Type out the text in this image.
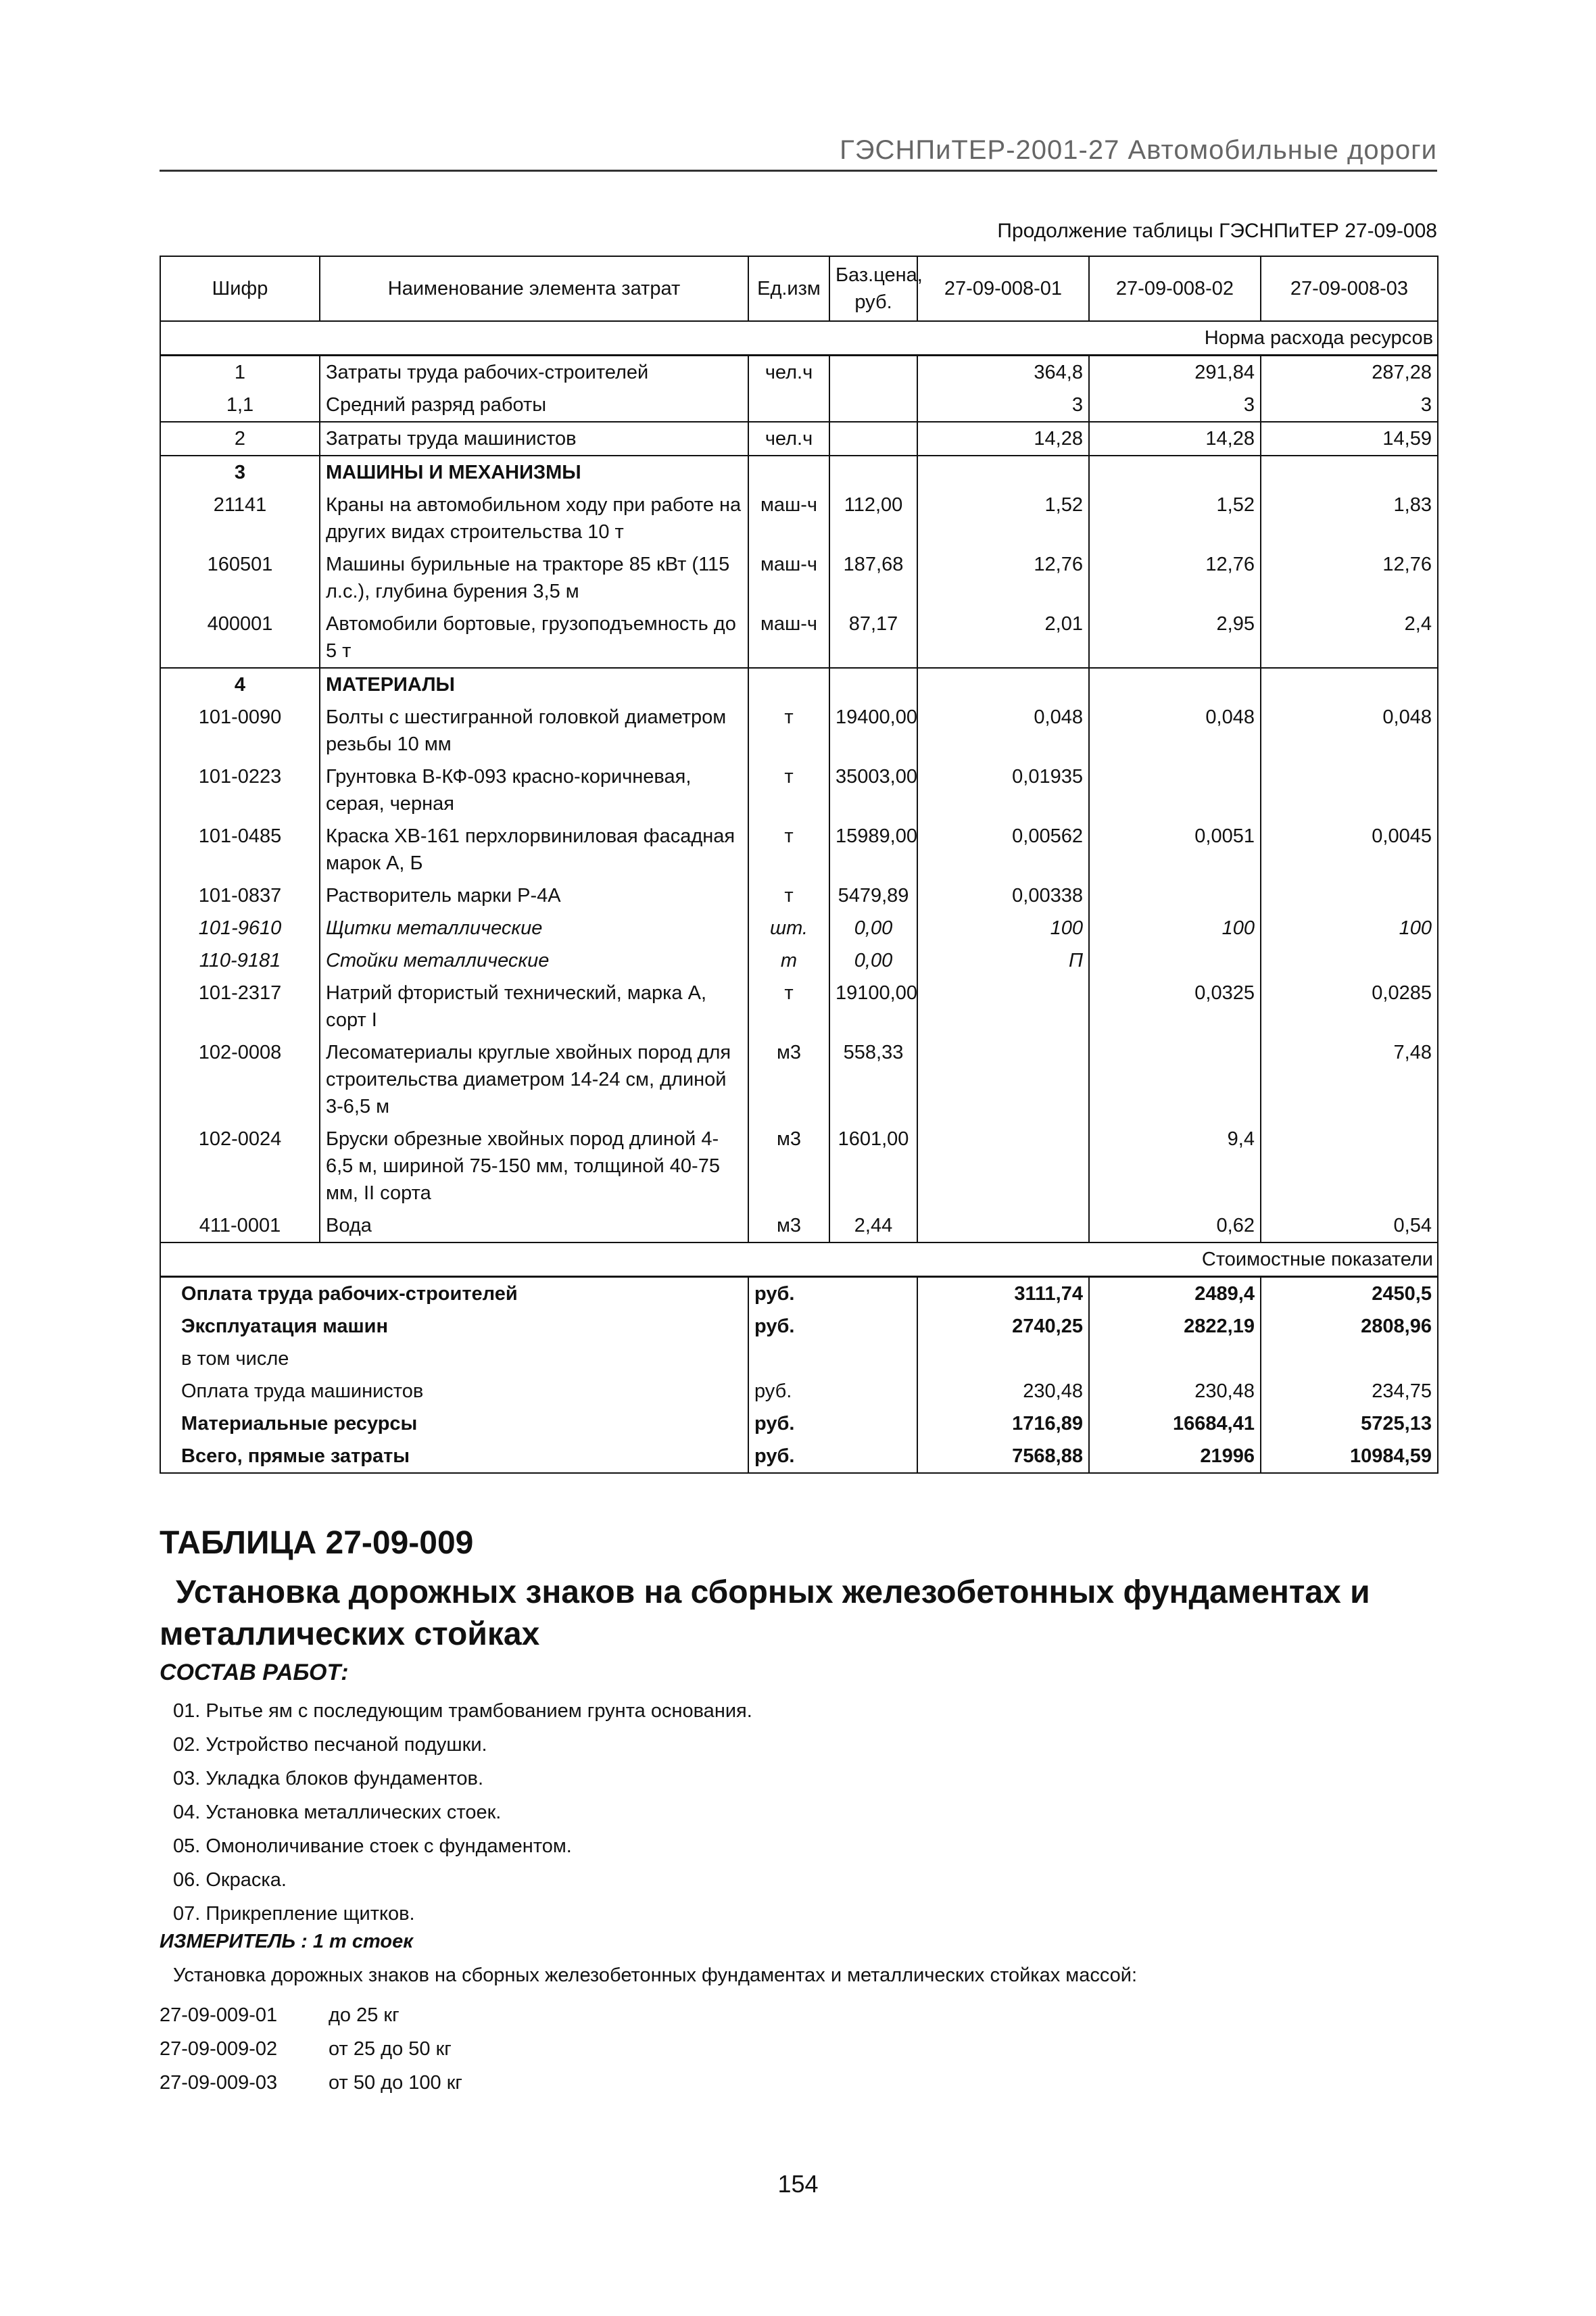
ГЭСНПиТЕР-2001-27 Автомобильные дороги
Продолжение таблицы ГЭСНПиТЕР 27-09-008
Шифр	Наименование элемента затрат	Ед.изм	Баз.цена, руб.	27-09-008-01	27-09-008-02	27-09-008-03
Норма расхода ресурсов						
1	Затраты труда рабочих-строителей	чел.ч		364,8	291,84	287,28
1,1	Средний разряд работы			3	3	3
2	Затраты труда машинистов	чел.ч		14,28	14,28	14,59
3	МАШИНЫ И МЕХАНИЗМЫ					
21141	Краны на автомобильном ходу при работе на других видах строительства 10 т	маш-ч	112,00	1,52	1,52	1,83
160501	Машины бурильные на тракторе 85 кВт (115 л.с.), глубина бурения 3,5 м	маш-ч	187,68	12,76	12,76	12,76
400001	Автомобили бортовые, грузоподъемность до 5 т	маш-ч	87,17	2,01	2,95	2,4
4	МАТЕРИАЛЫ					
101-0090	Болты с шестигранной головкой диаметром резьбы 10 мм	т	19400,00	0,048	0,048	0,048
101-0223	Грунтовка В-КФ-093 красно-коричневая, серая, черная	т	35003,00	0,01935		
101-0485	Краска ХВ-161 перхлорвиниловая фасадная марок А, Б	т	15989,00	0,00562	0,0051	0,0045
101-0837	Растворитель марки Р-4А	т	5479,89	0,00338		
101-9610	Щитки металлические	шт.	0,00	100	100	100
110-9181	Стойки металлические	т	0,00	П		
101-2317	Натрий фтористый технический, марка А, сорт I	т	19100,00		0,0325	0,0285
102-0008	Лесоматериалы круглые хвойных пород для строительства диаметром 14-24 см, длиной 3-6,5 м	м3	558,33			7,48
102-0024	Бруски обрезные хвойных пород длиной 4-6,5 м, шириной 75-150 мм, толщиной 40-75 мм, II сорта	м3	1601,00		9,4	
411-0001	Вода	м3	2,44		0,62	0,54
Стоимостные показатели						
Оплата труда рабочих-строителей		руб.		3111,74	2489,4	2450,5
Эксплуатация машин		руб.		2740,25	2822,19	2808,96
в том числе						
Оплата труда машинистов		руб.		230,48	230,48	234,75
Материальные ресурсы		руб.		1716,89	16684,41	5725,13
Всего, прямые затраты		руб.		7568,88	21996	10984,59
ТАБЛИЦА 27-09-009
Установка дорожных знаков на сборных железобетонных фундаментах и металлических стойках
СОСТАВ РАБОТ:
01. Рытье ям с последующим трамбованием грунта основания.
02. Устройство песчаной подушки.
03. Укладка блоков фундаментов.
04. Установка металлических стоек.
05. Омоноличивание стоек с фундаментом.
06. Окраска.
07. Прикрепление щитков.
ИЗМЕРИТЕЛЬ : 1 т стоек
Установка дорожных знаков на сборных железобетонных фундаментах и металлических стойках массой:
27-09-009-01	до 25 кг
27-09-009-02	от 25 до 50 кг
27-09-009-03	от 50 до 100 кг
154
